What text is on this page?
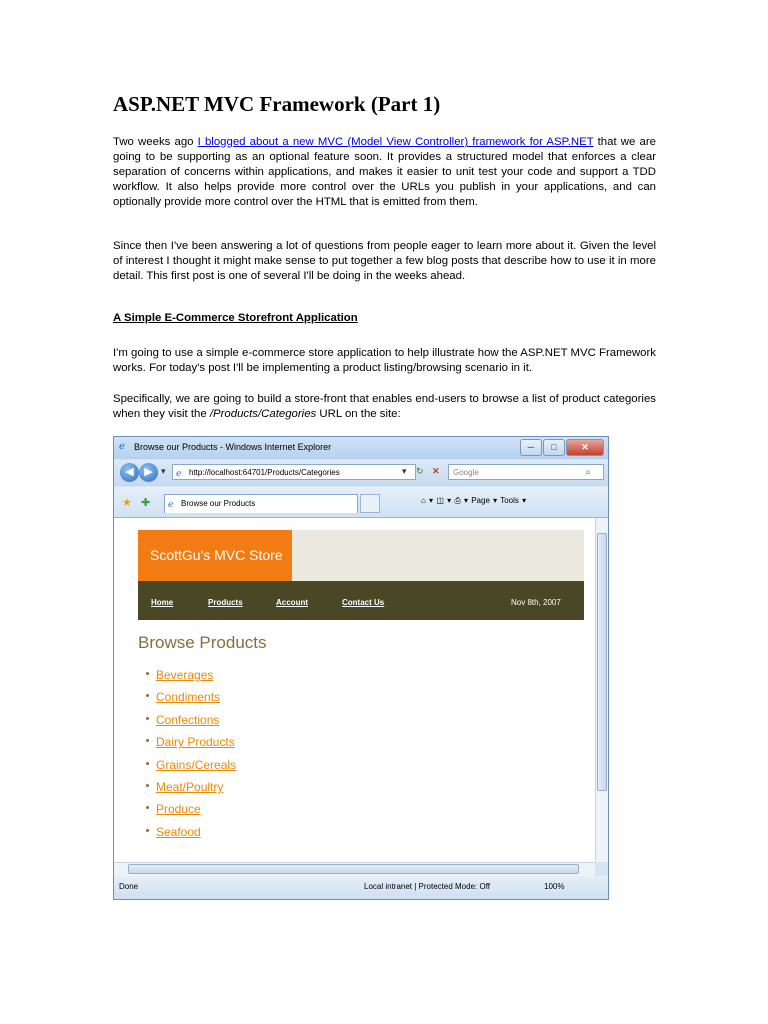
ASP.NET MVC Framework (Part 1)

Two weeks ago I blogged about a new MVC (Model View Controller) framework for ASP.NET that we are going to be supporting as an optional feature soon. It provides a structured model that enforces a clear separation of concerns within applications, and makes it easier to unit test your code and support a TDD workflow. It also helps provide more control over the URLs you publish in your applications, and can optionally provide more control over the HTML that is emitted from them.

Since then I've been answering a lot of questions from people eager to learn more about it. Given the level of interest I thought it might make sense to put together a few blog posts that describe how to use it in more detail. This first post is one of several I'll be doing in the weeks ahead.

A Simple E-Commerce Storefront Application

I'm going to use a simple e-commerce store application to help illustrate how the ASP.NET MVC Framework works. For today's post I'll be implementing a product listing/browsing scenario in it.

Specifically, we are going to build a store-front that enables end-users to browse a list of product categories when they visit the /Products/Categories URL on the site:

ℯ	Browse our Products - Windows Internet Explorer	─	□	✕
◀ ▶ ▾ ℯ http://localhost:64701/Products/Categories	▾ ↻ ✕	Google	⌕
★ ✚ ℯ Browse our Products	⌂ ▾ ◫ ▾ ⎙ ▾ Page ▾ Tools ▾
ScottGu's MVC Store
Home	Products	Account	Contact Us	Nov 8th, 2007
Browse Products
Beverages
Condiments
Confections
Dairy Products
Grains/Cereals
Meat/Poultry
Produce
Seafood
Done	Local intranet | Protected Mode: Off	100%
